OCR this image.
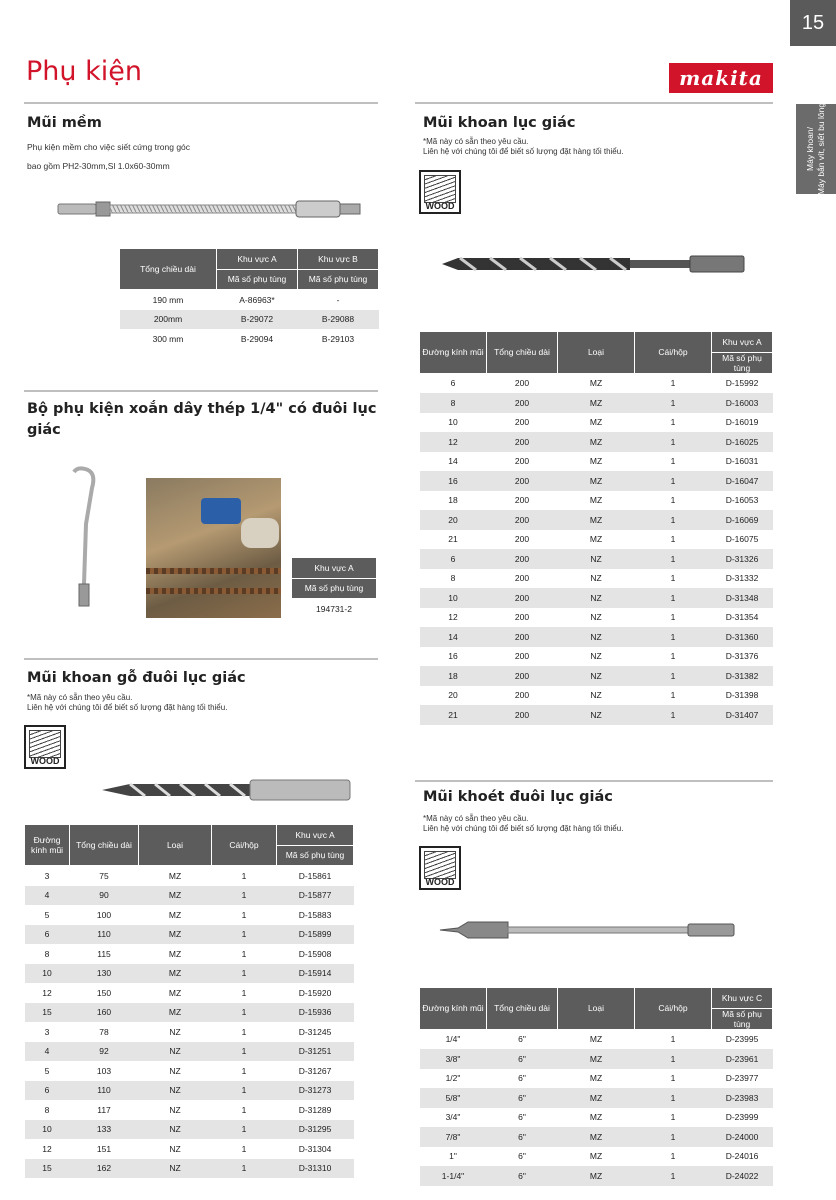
15
Phụ kiện	makita
Máy khoan/ Máy bắn vít, siết bu lông
Mũi mềm
Phụ kiện mềm cho việc siết cứng trong góc
bao gồm PH2-30mm,Sl 1.0x60-30mm
Tổng chiều dài	Khu vực A	Khu vực B
	Mã số phụ tùng	Mã số phụ tùng
190 mm	A-86963*	-
200mm	B-29072	B-29088
300 mm	B-29094	B-29103
Bộ phụ kiện xoắn dây thép 1/4" có đuôi lục
giác
Khu vực A
Mã số phụ tùng
194731-2
Mũi khoan gỗ đuôi lục giác
*Mã này có sẵn theo yêu cầu.
Liên hệ với chúng tôi để biết số lượng đặt hàng tối thiểu.
WOOD
Đường kính mũi	Tổng chiều dài	Loại	Cái/hộp	Khu vực A
				Mã số phụ tùng
3	75	MZ	1	D-15861
4	90	MZ	1	D-15877
5	100	MZ	1	D-15883
6	110	MZ	1	D-15899
8	115	MZ	1	D-15908
10	130	MZ	1	D-15914
12	150	MZ	1	D-15920
15	160	MZ	1	D-15936
3	78	NZ	1	D-31245
4	92	NZ	1	D-31251
5	103	NZ	1	D-31267
6	110	NZ	1	D-31273
8	117	NZ	1	D-31289
10	133	NZ	1	D-31295
12	151	NZ	1	D-31304
15	162	NZ	1	D-31310
Mũi khoan lục giác
*Mã này có sẵn theo yêu cầu.
Liên hệ với chúng tôi để biết số lượng đặt hàng tối thiểu.
WOOD
Đường kính mũi	Tổng chiều dài	Loại	Cái/hộp	Khu vực A
				Mã số phụ tùng
6	200	MZ	1	D-15992
8	200	MZ	1	D-16003
10	200	MZ	1	D-16019
12	200	MZ	1	D-16025
14	200	MZ	1	D-16031
16	200	MZ	1	D-16047
18	200	MZ	1	D-16053
20	200	MZ	1	D-16069
21	200	MZ	1	D-16075
6	200	NZ	1	D-31326
8	200	NZ	1	D-31332
10	200	NZ	1	D-31348
12	200	NZ	1	D-31354
14	200	NZ	1	D-31360
16	200	NZ	1	D-31376
18	200	NZ	1	D-31382
20	200	NZ	1	D-31398
21	200	NZ	1	D-31407
Mũi khoét đuôi lục giác
*Mã này có sẵn theo yêu cầu.
Liên hệ với chúng tôi để biết số lượng đặt hàng tối thiểu.
WOOD
Đường kính mũi	Tổng chiều dài	Loại	Cái/hộp	Khu vực C
				Mã số phụ tùng
1/4"	6"	MZ	1	D-23995
3/8"	6"	MZ	1	D-23961
1/2"	6"	MZ	1	D-23977
5/8"	6"	MZ	1	D-23983
3/4"	6"	MZ	1	D-23999
7/8"	6"	MZ	1	D-24000
1"	6"	MZ	1	D-24016
1-1/4"	6"	MZ	1	D-24022
